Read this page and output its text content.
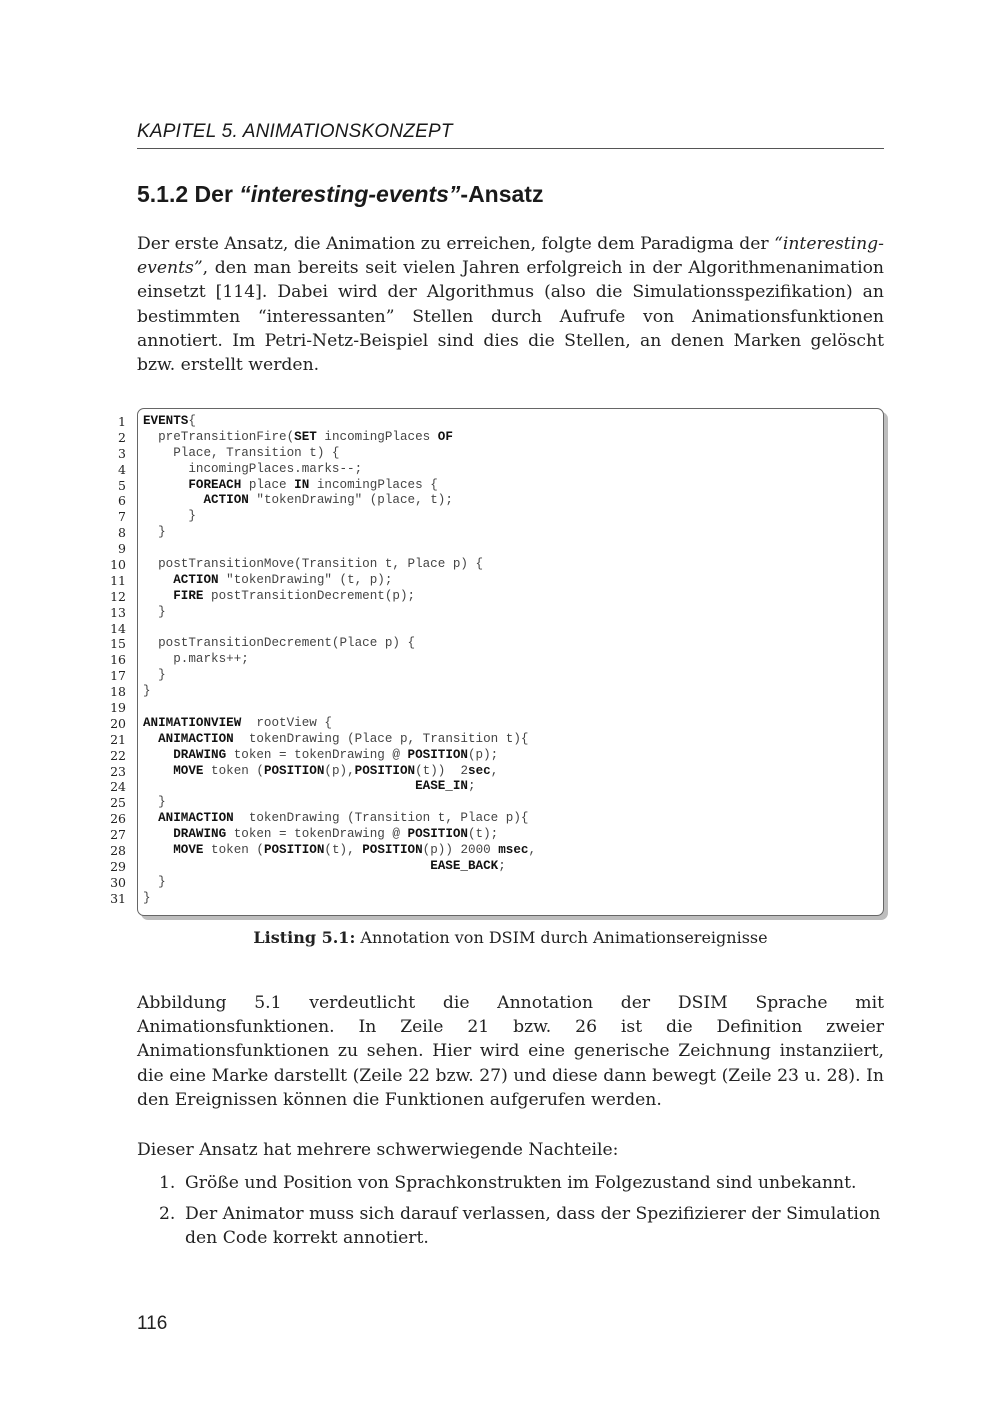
KAPITEL 5. ANIMATIONSKONZEPT
5.1.2 Der “interesting-events”-Ansatz

Der erste Ansatz, die Animation zu erreichen, folgte dem Paradigma der “interesting-events”, den man bereits seit vielen Jahren erfolgreich in der Algorithmenanimation einsetzt [114]. Dabei wird der Algorithmus (also die Simulationsspezifikation) an bestimmten “interessanten” Stellen durch Aufrufe von Animationsfunktionen annotiert. Im Petri-Netz-Beispiel sind dies die Stellen, an denen Marken gelöscht bzw. erstellt werden.

1 EVENTS{
2 preTransitionFire(SET incomingPlaces OF
3 Place, Transition t) {
4 incomingPlaces.marks--;
5	FOREACH place IN incomingPlaces {
6	ACTION "tokenDrawing" (place, t);
7 }
8 }
9
10 postTransitionMove(Transition t, Place p) {
11	ACTION "tokenDrawing" (t, p);
12	FIRE postTransitionDecrement(p);
13 }
14
15 postTransitionDecrement(Place p) {
16 p.marks++;
17 }
18 }
19
20 ANIMATIONVIEW  rootView {
21	ANIMACTION  tokenDrawing (Place p, Transition t){
22	DRAWING token = tokenDrawing @ POSITION(p);
23	MOVE token (POSITION(p),POSITION(t))  2sec,
24	EASE_IN;
25 }
26	ANIMACTION  tokenDrawing (Transition t, Place p){
27	DRAWING token = tokenDrawing @ POSITION(t);
28	MOVE token (POSITION(t), POSITION(p)) 2000 msec,
29	EASE_BACK;
30 }
31 }
Listing 5.1: Annotation von DSIM durch Animationsereignisse

Abbildung 5.1 verdeutlicht die Annotation der DSIM Sprache mit Animationsfunktionen. In Zeile 21 bzw. 26 ist die Definition zweier Animationsfunktionen zu sehen. Hier wird eine generische Zeichnung instanziiert, die eine Marke darstellt (Zeile 22 bzw. 27) und diese dann bewegt (Zeile 23 u. 28). In den Ereignissen können die Funktionen aufgerufen werden.

Dieser Ansatz hat mehrere schwerwiegende Nachteile:

1. Größe und Position von Sprachkonstrukten im Folgezustand sind unbekannt.
2. Der Animator muss sich darauf verlassen, dass der Spezifizierer der Simulation den Code korrekt annotiert.
116
